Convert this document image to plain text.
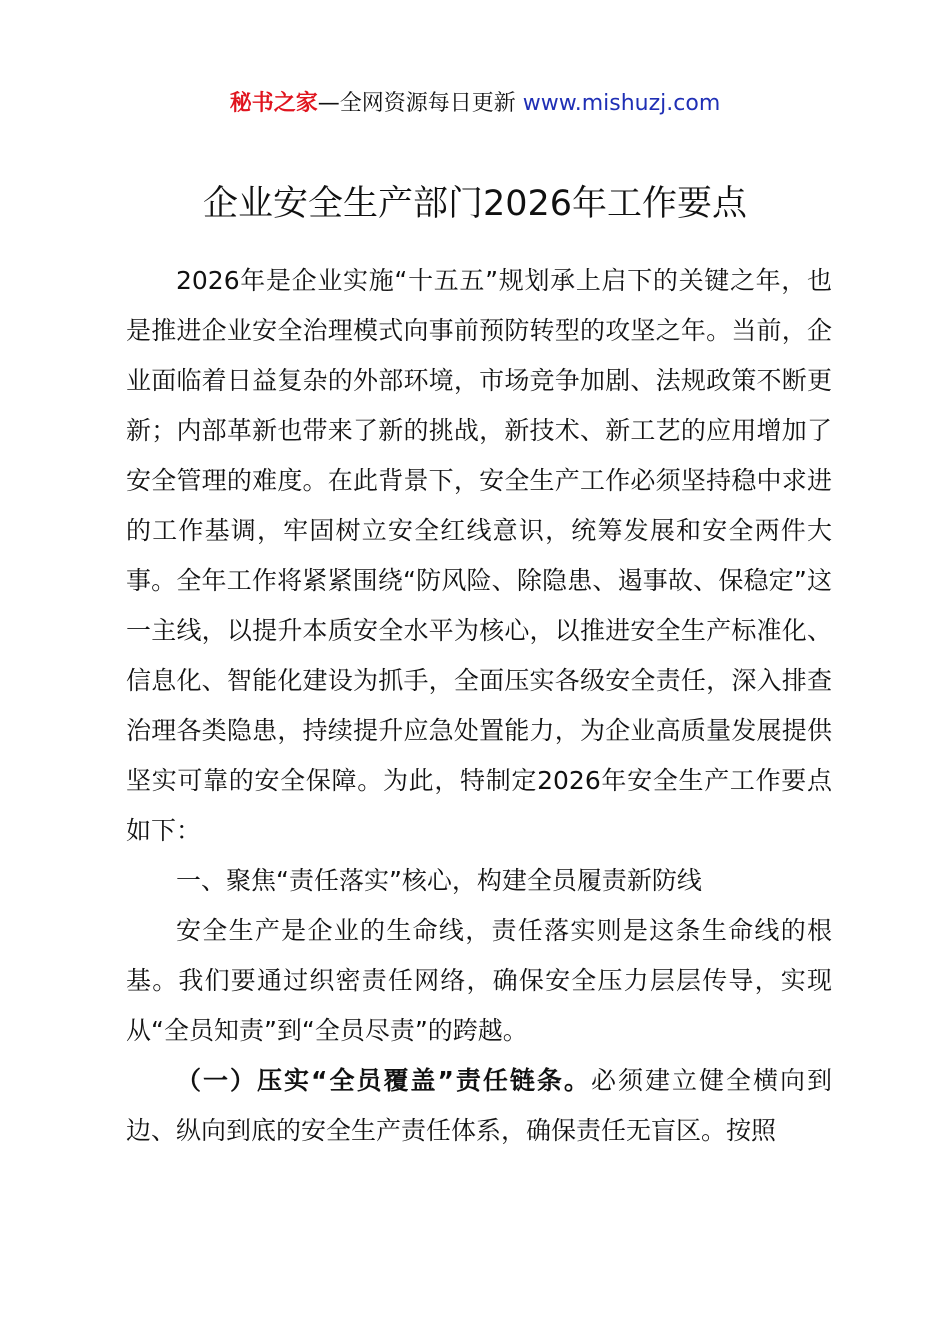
秘书之家—全网资源每日更新 www.mishuzj.com
企业安全生产部门2026年工作要点

2026年是企业实施“十五五”规划承上启下的关键之年，也是推进企业安全治理模式向事前预防转型的攻坚之年。当前，企业面临着日益复杂的外部环境，市场竞争加剧、法规政策不断更新；内部革新也带来了新的挑战，新技术、新工艺的应用增加了安全管理的难度。在此背景下，安全生产工作必须坚持稳中求进的工作基调，牢固树立安全红线意识，统筹发展和安全两件大事。全年工作将紧紧围绕“防风险、除隐患、遏事故、保稳定”这一主线，以提升本质安全水平为核心，以推进安全生产标准化、信息化、智能化建设为抓手，全面压实各级安全责任，深入排查治理各类隐患，持续提升应急处置能力，为企业高质量发展提供坚实可靠的安全保障。为此，特制定2026年安全生产工作要点如下：

一、聚焦“责任落实”核心，构建全员履责新防线

安全生产是企业的生命线，责任落实则是这条生命线的根基。我们要通过织密责任网络，确保安全压力层层传导，实现从“全员知责”到“全员尽责”的跨越。

（一）压实“全员覆盖”责任链条。必须建立健全横向到边、纵向到底的安全生产责任体系，确保责任无盲区。按照
